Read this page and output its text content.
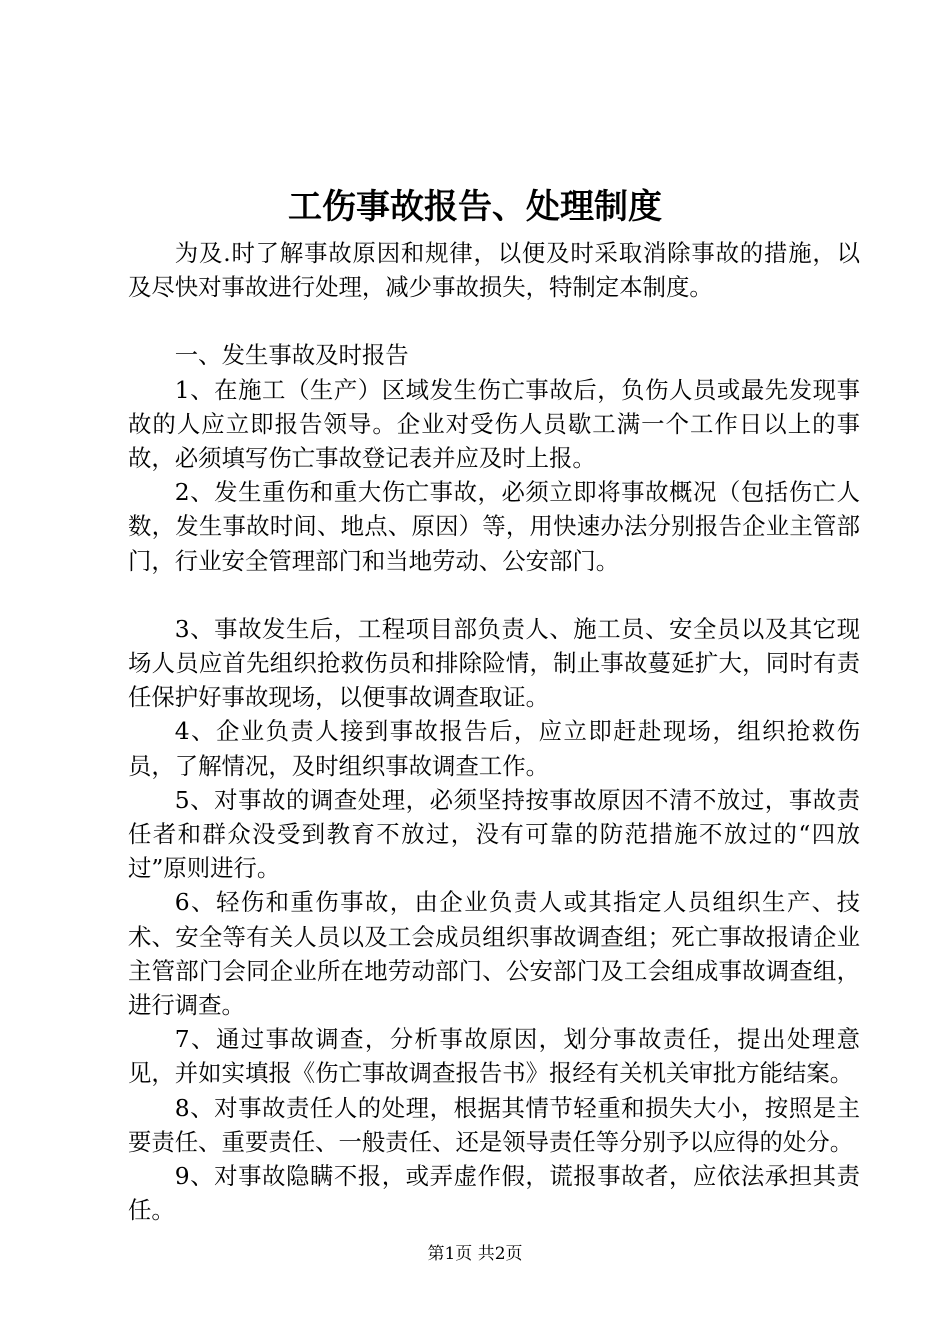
工伤事故报告、处理制度

为及.时了解事故原因和规律，以便及时采取消除事故的措施，以及尽快对事故进行处理，减少事故损失，特制定本制度。

一、发生事故及时报告

1、在施工（生产）区域发生伤亡事故后，负伤人员或最先发现事故的人应立即报告领导。企业对受伤人员歇工满一个工作日以上的事故，必须填写伤亡事故登记表并应及时上报。

2、发生重伤和重大伤亡事故，必须立即将事故概况（包括伤亡人数，发生事故时间、地点、原因）等，用快速办法分别报告企业主管部门，行业安全管理部门和当地劳动、公安部门。

3、事故发生后，工程项目部负责人、施工员、安全员以及其它现场人员应首先组织抢救伤员和排除险情，制止事故蔓延扩大，同时有责任保护好事故现场，以便事故调查取证。

4、企业负责人接到事故报告后，应立即赶赴现场，组织抢救伤员，了解情况，及时组织事故调查工作。

5、对事故的调查处理，必须坚持按事故原因不清不放过，事故责任者和群众没受到教育不放过，没有可靠的防范措施不放过的“四放过”原则进行。

6、轻伤和重伤事故，由企业负责人或其指定人员组织生产、技术、安全等有关人员以及工会成员组织事故调查组；死亡事故报请企业主管部门会同企业所在地劳动部门、公安部门及工会组成事故调查组，进行调查。

7、通过事故调查，分析事故原因，划分事故责任，提出处理意见，并如实填报《伤亡事故调查报告书》报经有关机关审批方能结案。

8、对事故责任人的处理，根据其情节轻重和损失大小，按照是主要责任、重要责任、一般责任、还是领导责任等分别予以应得的处分。

9、对事故隐瞒不报，或弄虚作假，谎报事故者，应依法承担其责任。

第1页 共2页
